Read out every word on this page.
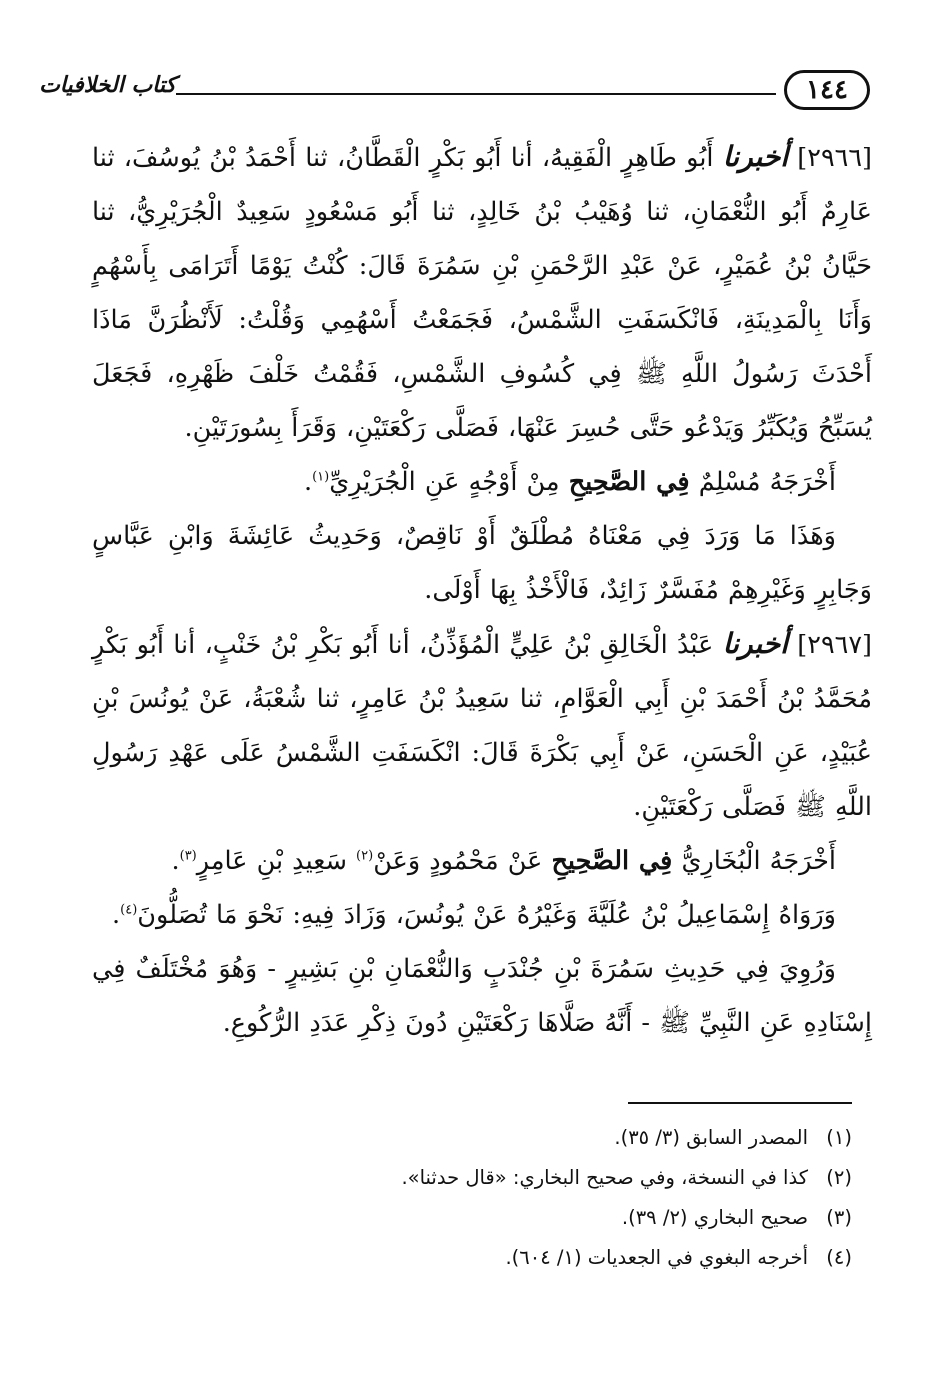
١٤٤
كتاب الخلافيات

[٢٩٦٦] أخبرنا أَبُو طَاهِرٍ الْفَقِيهُ، أنا أَبُو بَكْرٍ الْقَطَّانُ، ثنا أَحْمَدُ بْنُ يُوسُفَ، ثنا عَارِمٌ أَبُو النُّعْمَانِ، ثنا وُهَيْبُ بْنُ خَالِدٍ، ثنا أَبُو مَسْعُودٍ سَعِيدٌ الْجُرَيْرِيُّ، ثنا حَيَّانُ بْنُ عُمَيْرٍ، عَنْ عَبْدِ الرَّحْمَنِ بْنِ سَمُرَةَ قَالَ: كُنْتُ يَوْمًا أَتَرَامَى بِأَسْهُمٍ وَأَنَا بِالْمَدِينَةِ، فَانْكَسَفَتِ الشَّمْسُ، فَجَمَعْتُ أَسْهُمِي وَقُلْتُ: لَأَنْظُرَنَّ مَاذَا أَحْدَثَ رَسُولُ اللَّهِ ﷺ فِي كُسُوفِ الشَّمْسِ، فَقُمْتُ خَلْفَ ظَهْرِهِ، فَجَعَلَ يُسَبِّحُ وَيُكَبِّرُ وَيَدْعُو حَتَّى حُسِرَ عَنْهَا، فَصَلَّى رَكْعَتَيْنِ، وَقَرَأَ بِسُورَتَيْنِ.

أَخْرَجَهُ مُسْلِمٌ فِي الصَّحِيحِ مِنْ أَوْجُهٍ عَنِ الْجُرَيْرِيِّ$^{(١)}$.

وَهَذَا مَا وَرَدَ فِي مَعْنَاهُ مُطْلَقٌ أَوْ نَاقِصٌ، وَحَدِيثُ عَائِشَةَ وَابْنِ عَبَّاسٍ وَجَابِرٍ وَغَيْرِهِمْ مُفَسَّرٌ زَائِدٌ، فَالْأَخْذُ بِهَا أَوْلَى.

[٢٩٦٧] أخبرنا عَبْدُ الْخَالِقِ بْنُ عَلِيٍّ الْمُؤَذِّنُ، أنا أَبُو بَكْرِ بْنُ خَنْبٍ، أنا أَبُو بَكْرٍ مُحَمَّدُ بْنُ أَحْمَدَ بْنِ أَبِي الْعَوَّامِ، ثنا سَعِيدُ بْنُ عَامِرٍ، ثنا شُعْبَةُ، عَنْ يُونُسَ بْنِ عُبَيْدٍ، عَنِ الْحَسَنِ، عَنْ أَبِي بَكْرَةَ قَالَ: انْكَسَفَتِ الشَّمْسُ عَلَى عَهْدِ رَسُولِ اللَّهِ ﷺ فَصَلَّى رَكْعَتَيْنِ.

أَخْرَجَهُ الْبُخَارِيُّ فِي الصَّحِيحِ عَنْ مَحْمُودٍ وَعَنْ$^{(٢)}$ سَعِيدِ بْنِ عَامِرٍ$^{(٣)}$.

وَرَوَاهُ إِسْمَاعِيلُ بْنُ عُلَيَّةَ وَغَيْرُهُ عَنْ يُونُسَ، وَزَادَ فِيهِ: نَحْوَ مَا تُصَلُّونَ$^{(٤)}$.

وَرُوِيَ فِي حَدِيثِ سَمُرَةَ بْنِ جُنْدَبٍ وَالنُّعْمَانِ بْنِ بَشِيرٍ - وَهُوَ مُخْتَلَفٌ فِي إِسْنَادِهِ عَنِ النَّبِيِّ ﷺ - أَنَّهُ صَلَّاهَا رَكْعَتَيْنِ دُونَ ذِكْرِ عَدَدِ الرُّكُوعِ.

(١)المصدر السابق (٣/ ٣٥).
(٢)كذا في النسخة، وفي صحيح البخاري: «قال حدثنا».
(٣)صحيح البخاري (٢/ ٣٩).
(٤)أخرجه البغوي في الجعديات (١/ ٦٠٤).
